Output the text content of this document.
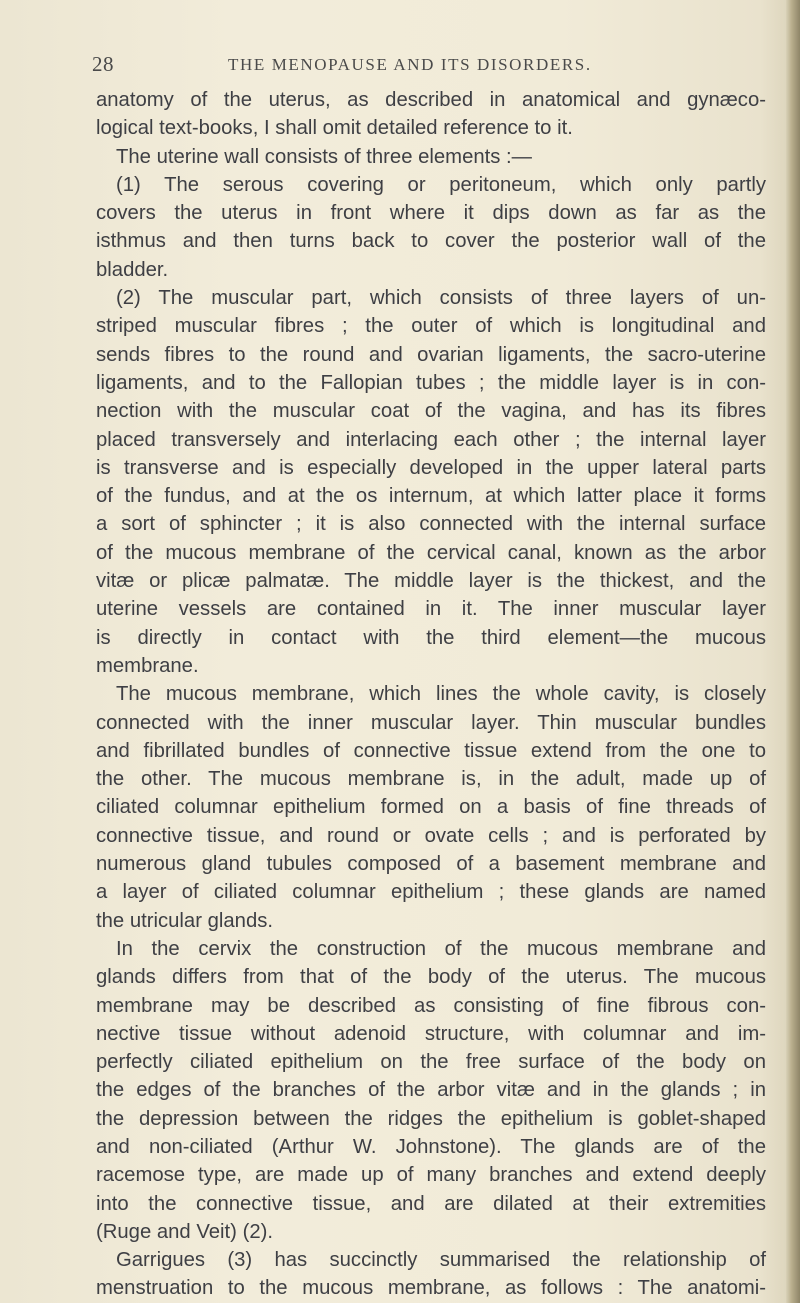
28	THE MENOPAUSE AND ITS DISORDERS.
anatomy of the uterus, as described in anatomical and gynæco-
logical text-books, I shall omit detailed reference to it.
The uterine wall consists of three elements :—
(1) The serous covering or peritoneum, which only partly
covers the uterus in front where it dips down as far as the
isthmus and then turns back to cover the posterior wall of the
bladder.
(2) The muscular part, which consists of three layers of un-
striped muscular fibres ; the outer of which is longitudinal and
sends fibres to the round and ovarian ligaments, the sacro-uterine
ligaments, and to the Fallopian tubes ; the middle layer is in con-
nection with the muscular coat of the vagina, and has its fibres
placed transversely and interlacing each other ; the internal layer
is transverse and is especially developed in the upper lateral parts
of the fundus, and at the os internum, at which latter place it forms
a sort of sphincter ; it is also connected with the internal surface
of the mucous membrane of the cervical canal, known as the arbor
vitæ or plicæ palmatæ. The middle layer is the thickest, and the
uterine vessels are contained in it. The inner muscular layer
is directly in contact with the third element—the mucous
membrane.
The mucous membrane, which lines the whole cavity, is closely
connected with the inner muscular layer. Thin muscular bundles
and fibrillated bundles of connective tissue extend from the one to
the other. The mucous membrane is, in the adult, made up of
ciliated columnar epithelium formed on a basis of fine threads of
connective tissue, and round or ovate cells ; and is perforated by
numerous gland tubules composed of a basement membrane and
a layer of ciliated columnar epithelium ; these glands are named
the utricular glands.
In the cervix the construction of the mucous membrane and
glands differs from that of the body of the uterus. The mucous
membrane may be described as consisting of fine fibrous con-
nective tissue without adenoid structure, with columnar and im-
perfectly ciliated epithelium on the free surface of the body on
the edges of the branches of the arbor vitæ and in the glands ; in
the depression between the ridges the epithelium is goblet-shaped
and non-ciliated (Arthur W. Johnstone). The glands are of the
racemose type, are made up of many branches and extend deeply
into the connective tissue, and are dilated at their extremities
(Ruge and Veit) (2).
Garrigues (3) has succinctly summarised the relationship of
menstruation to the mucous membrane, as follows : The anatomi-
